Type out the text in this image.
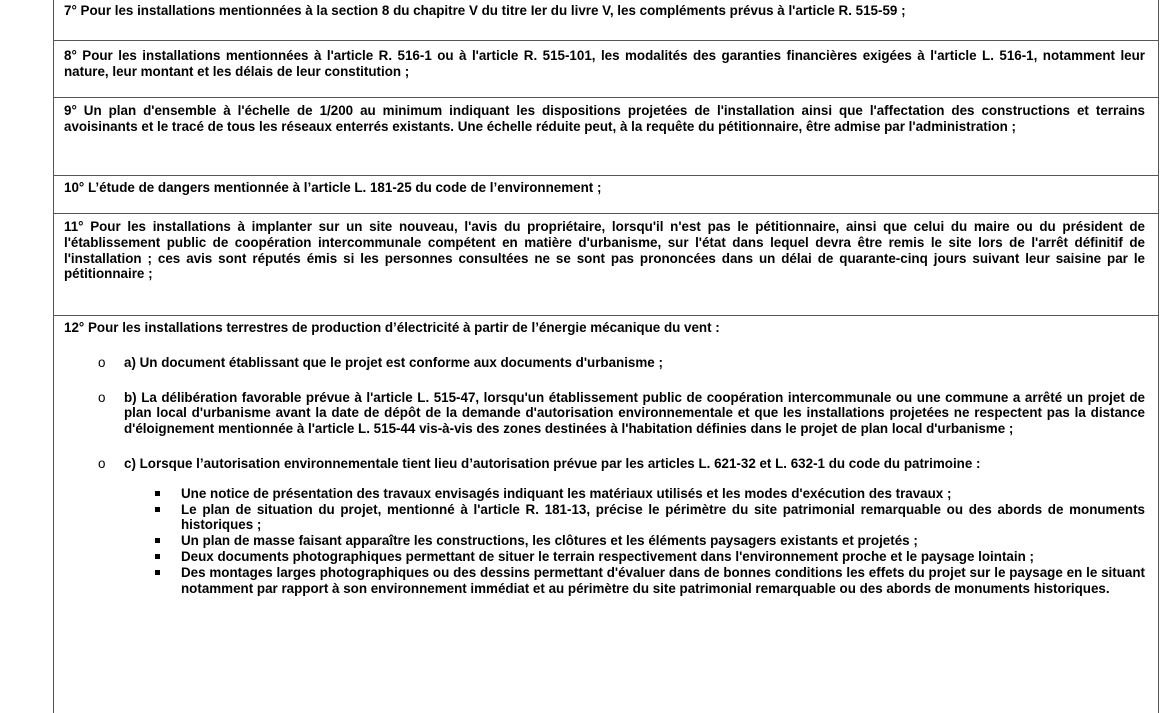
7° Pour les installations mentionnées à la section 8 du chapitre V du titre Ier du livre V, les compléments prévus à l'article R. 515-59 ;

8° Pour les installations mentionnées à l'article R. 516-1 ou à l'article R. 515-101, les modalités des garanties financières exigées à l'article L. 516-1, notamment leur nature, leur montant et les délais de leur constitution ;

9° Un plan d'ensemble à l'échelle de 1/200 au minimum indiquant les dispositions projetées de l'installation ainsi que l'affectation des constructions et terrains avoisinants et le tracé de tous les réseaux enterrés existants. Une échelle réduite peut, à la requête du pétitionnaire, être admise par l'administration ;

10° L’étude de dangers mentionnée à l’article L. 181-25 du code de l’environnement ;

11° Pour les installations à implanter sur un site nouveau, l'avis du propriétaire, lorsqu'il n'est pas le pétitionnaire, ainsi que celui du maire ou du président de l'établissement public de coopération intercommunale compétent en matière d'urbanisme, sur l'état dans lequel devra être remis le site lors de l'arrêt définitif de l'installation ; ces avis sont réputés émis si les personnes consultées ne se sont pas prononcées dans un délai de quarante-cinq jours suivant leur saisine par le pétitionnaire ;

12° Pour les installations terrestres de production d’électricité à partir de l’énergie mécanique du vent :

o a) Un document établissant que le projet est conforme aux documents d'urbanisme ;
o b) La délibération favorable prévue à l'article L. 515-47, lorsqu'un établissement public de coopération intercommunale ou une commune a arrêté un projet de plan local d'urbanisme avant la date de dépôt de la demande d'autorisation environnementale et que les installations projetées ne respectent pas la distance d'éloignement mentionnée à l'article L. 515-44 vis-à-vis des zones destinées à l'habitation définies dans le projet de plan local d'urbanisme ;
o c) Lorsque l’autorisation environnementale tient lieu d’autorisation prévue par les articles L. 621-32 et L. 632-1 du code du patrimoine :
Une notice de présentation des travaux envisagés indiquant les matériaux utilisés et les modes d'exécution des travaux ;
Le plan de situation du projet, mentionné à l'article R. 181-13, précise le périmètre du site patrimonial remarquable ou des abords de monuments historiques ;
Un plan de masse faisant apparaître les constructions, les clôtures et les éléments paysagers existants et projetés ;
Deux documents photographiques permettant de situer le terrain respectivement dans l'environnement proche et le paysage lointain ;
Des montages larges photographiques ou des dessins permettant d'évaluer dans de bonnes conditions les effets du projet sur le paysage en le situant notamment par rapport à son environnement immédiat et au périmètre du site patrimonial remarquable ou des abords de monuments historiques.
